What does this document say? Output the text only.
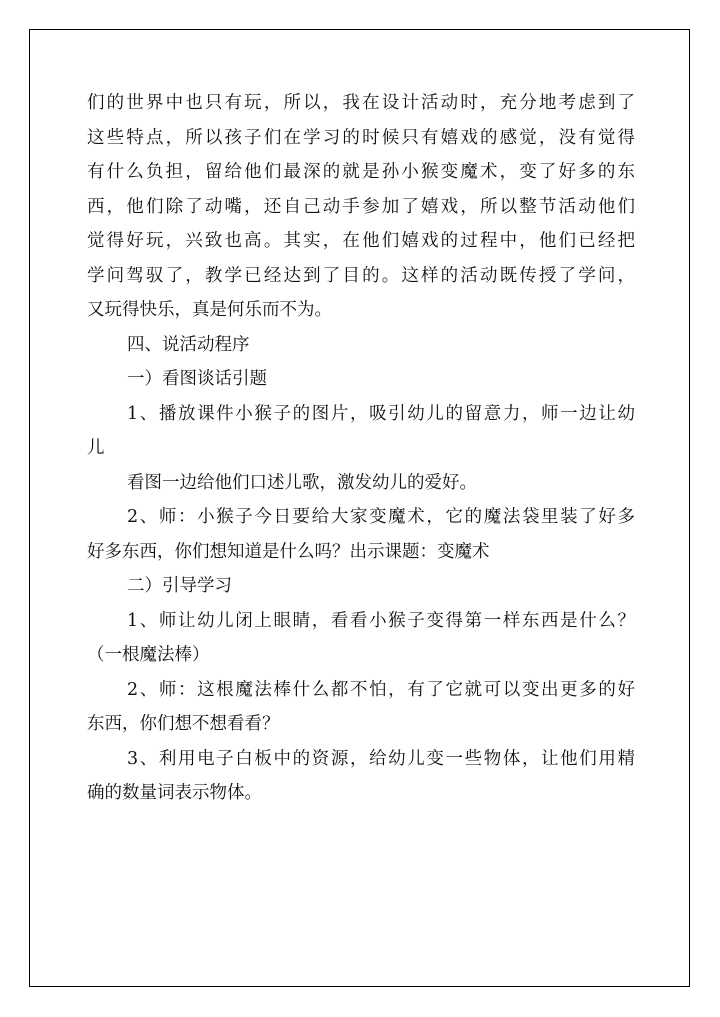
们的世界中也只有玩，所以，我在设计活动时，充分地考虑到了
这些特点，所以孩子们在学习的时候只有嬉戏的感觉，没有觉得
有什么负担，留给他们最深的就是孙小猴变魔术，变了好多的东
西，他们除了动嘴，还自己动手参加了嬉戏，所以整节活动他们
觉得好玩，兴致也高。其实，在他们嬉戏的过程中，他们已经把
学问驾驭了，教学已经达到了目的。这样的活动既传授了学问，
又玩得快乐，真是何乐而不为。
四、说活动程序
一）看图谈话引题
1、播放课件小猴子的图片，吸引幼儿的留意力，师一边让幼
儿
看图一边给他们口述儿歌，激发幼儿的爱好。
2、师：小猴子今日要给大家变魔术，它的魔法袋里装了好多
好多东西，你们想知道是什么吗？出示课题：变魔术
二）引导学习
1、师让幼儿闭上眼睛，看看小猴子变得第一样东西是什么？
（一根魔法棒）
2、师：这根魔法棒什么都不怕，有了它就可以变出更多的好
东西，你们想不想看看？
3、利用电子白板中的资源，给幼儿变一些物体，让他们用精
确的数量词表示物体。
